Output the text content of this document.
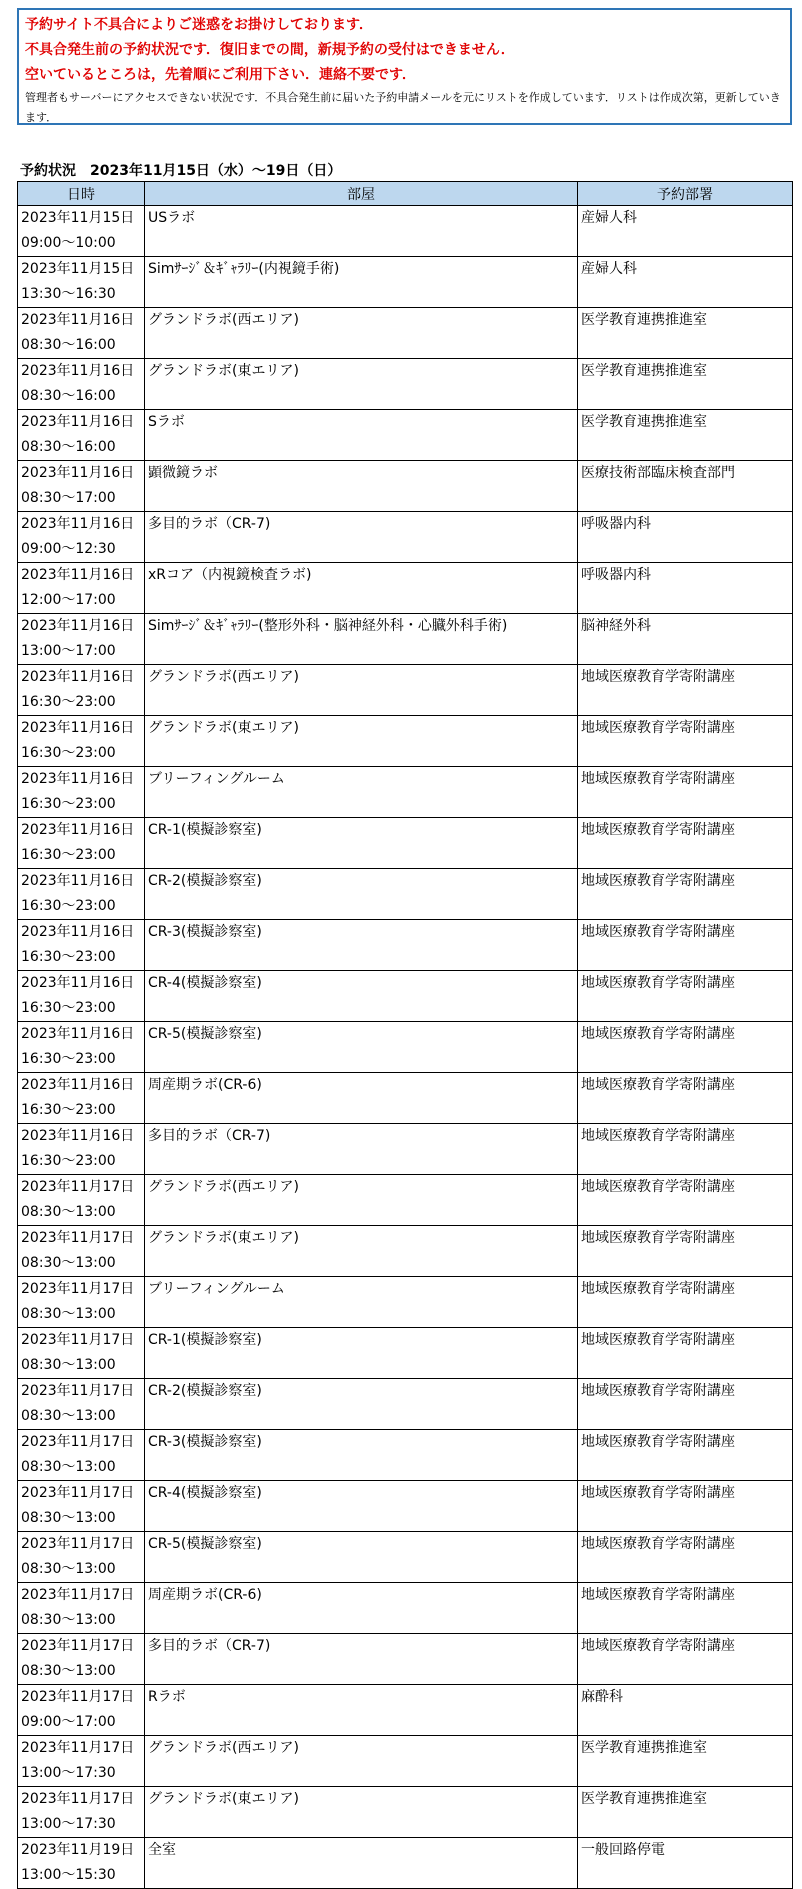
予約サイト不具合によりご迷惑をお掛けしております．
不具合発生前の予約状況です．復旧までの間，新規予約の受付はできません．
空いているところは，先着順にご利用下さい．連絡不要です．
管理者もサーバーにアクセスできない状況です．不具合発生前に届いた予約申請メールを元にリストを作成しています．リストは作成次第，更新していきます．
予約状況　2023年11月15日（水）～19日（日）
日時	部屋	予約部署

2023年11月15日
09:00～10:00	USラボ	産婦人科

2023年11月15日
13:30～16:30	Simｻｰｼﾞ＆ｷﾞｬﾗﾘｰ(内視鏡手術)	産婦人科

2023年11月16日
08:30～16:00	グランドラボ(西エリア)	医学教育連携推進室

2023年11月16日
08:30～16:00	グランドラボ(東エリア)	医学教育連携推進室

2023年11月16日
08:30～16:00	Sラボ	医学教育連携推進室

2023年11月16日
08:30～17:00	顕微鏡ラボ	医療技術部臨床検査部門

2023年11月16日
09:00～12:30	多目的ラボ（CR-7)	呼吸器内科

2023年11月16日
12:00～17:00	xRコア（内視鏡検査ラボ)	呼吸器内科

2023年11月16日
13:00～17:00	Simｻｰｼﾞ＆ｷﾞｬﾗﾘｰ(整形外科・脳神経外科・心臓外科手術)	脳神経外科

2023年11月16日
16:30～23:00	グランドラボ(西エリア)	地域医療教育学寄附講座

2023年11月16日
16:30～23:00	グランドラボ(東エリア)	地域医療教育学寄附講座

2023年11月16日
16:30～23:00	ブリーフィングルーム	地域医療教育学寄附講座

2023年11月16日
16:30～23:00	CR-1(模擬診察室)	地域医療教育学寄附講座

2023年11月16日
16:30～23:00	CR-2(模擬診察室)	地域医療教育学寄附講座

2023年11月16日
16:30～23:00	CR-3(模擬診察室)	地域医療教育学寄附講座

2023年11月16日
16:30～23:00	CR-4(模擬診察室)	地域医療教育学寄附講座

2023年11月16日
16:30～23:00	CR-5(模擬診察室)	地域医療教育学寄附講座

2023年11月16日
16:30～23:00	周産期ラボ(CR-6)	地域医療教育学寄附講座

2023年11月16日
16:30～23:00	多目的ラボ（CR-7)	地域医療教育学寄附講座

2023年11月17日
08:30～13:00	グランドラボ(西エリア)	地域医療教育学寄附講座

2023年11月17日
08:30～13:00	グランドラボ(東エリア)	地域医療教育学寄附講座

2023年11月17日
08:30～13:00	ブリーフィングルーム	地域医療教育学寄附講座

2023年11月17日
08:30～13:00	CR-1(模擬診察室)	地域医療教育学寄附講座

2023年11月17日
08:30～13:00	CR-2(模擬診察室)	地域医療教育学寄附講座

2023年11月17日
08:30～13:00	CR-3(模擬診察室)	地域医療教育学寄附講座

2023年11月17日
08:30～13:00	CR-4(模擬診察室)	地域医療教育学寄附講座

2023年11月17日
08:30～13:00	CR-5(模擬診察室)	地域医療教育学寄附講座

2023年11月17日
08:30～13:00	周産期ラボ(CR-6)	地域医療教育学寄附講座

2023年11月17日
08:30～13:00	多目的ラボ（CR-7)	地域医療教育学寄附講座

2023年11月17日
09:00～17:00	Rラボ	麻酔科

2023年11月17日
13:00～17:30	グランドラボ(西エリア)	医学教育連携推進室

2023年11月17日
13:00～17:30	グランドラボ(東エリア)	医学教育連携推進室

2023年11月19日
13:00～15:30	全室	一般回路停電
